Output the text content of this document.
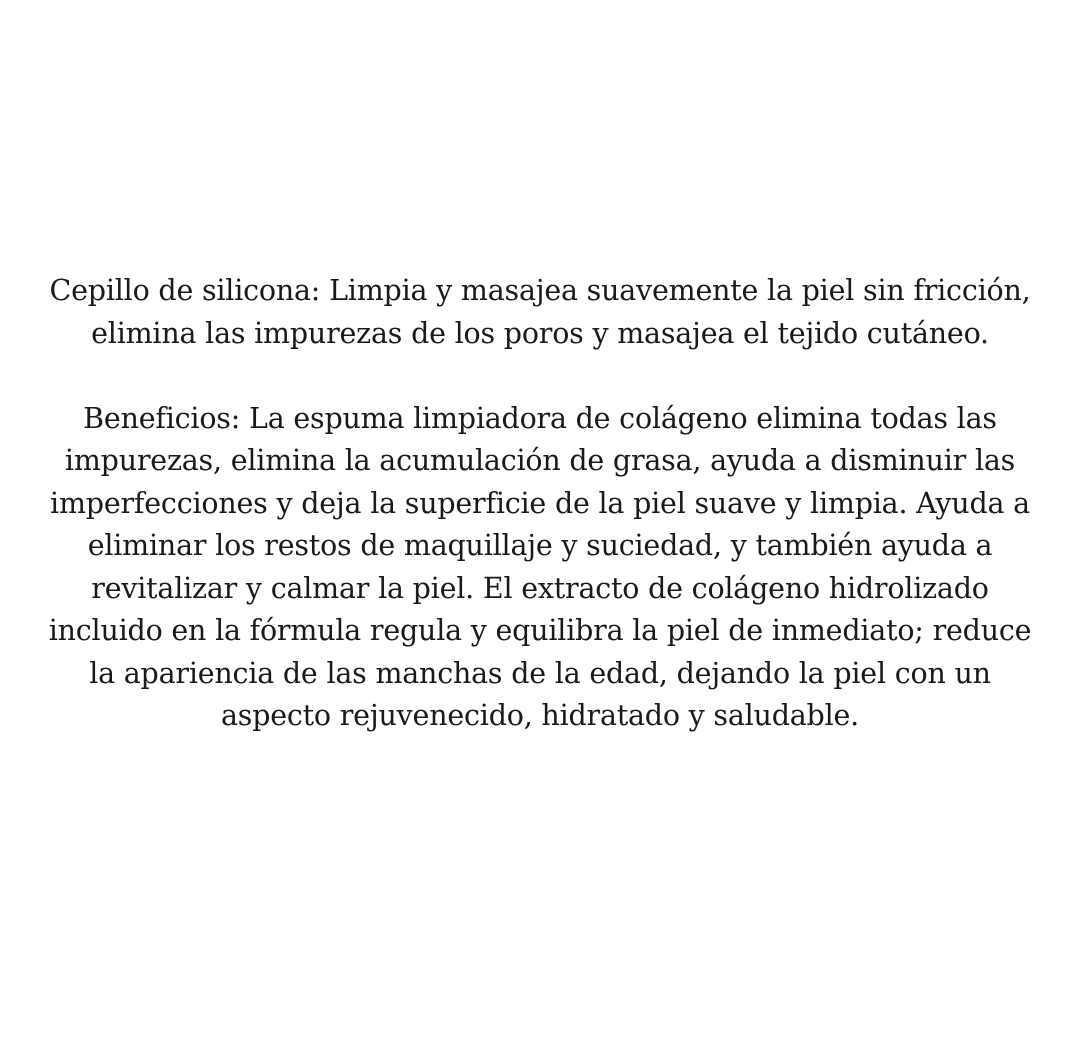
Cepillo de silicona: Limpia y masajea suavemente la piel sin fricción, elimina las impurezas de los poros y masajea el tejido cutáneo.

Beneficios: La espuma limpiadora de colágeno elimina todas las impurezas, elimina la acumulación de grasa, ayuda a disminuir las imperfecciones y deja la superficie de la piel suave y limpia. Ayuda a eliminar los restos de maquillaje y suciedad, y también ayuda a revitalizar y calmar la piel. El extracto de colágeno hidrolizado incluido en la fórmula regula y equilibra la piel de inmediato; reduce la apariencia de las manchas de la edad, dejando la piel con un aspecto rejuvenecido, hidratado y saludable.
